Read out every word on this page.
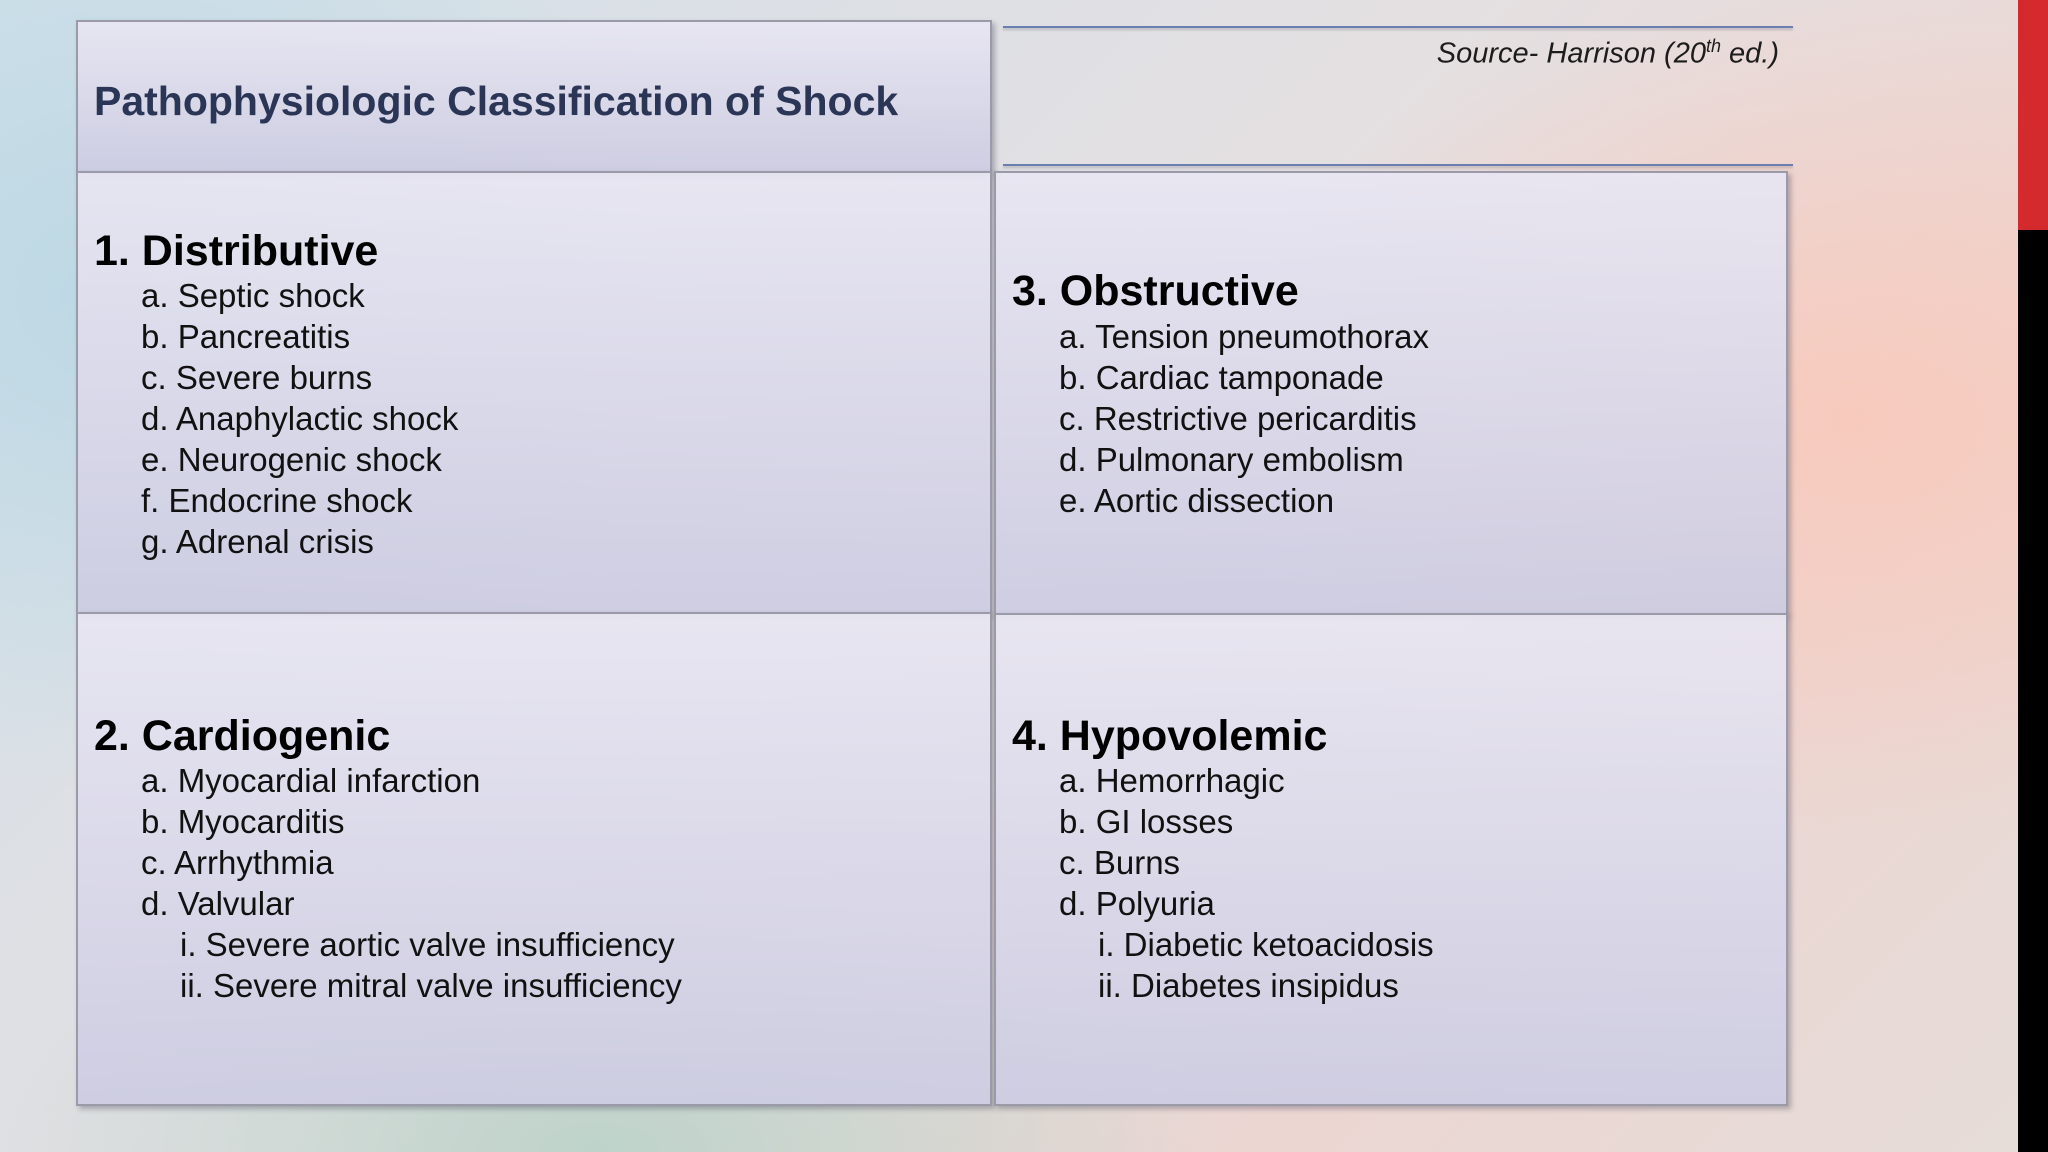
Source- Harrison (20th ed.)

Pathophysiologic Classification of Shock
1. Distributive
a. Septic shock
b. Pancreatitis
c. Severe burns
d. Anaphylactic shock
e. Neurogenic shock
f. Endocrine shock
g. Adrenal crisis
2. Cardiogenic
a. Myocardial infarction
b. Myocarditis
c. Arrhythmia
d. Valvular
i. Severe aortic valve insufficiency
ii. Severe mitral valve insufficiency
3. Obstructive
a. Tension pneumothorax
b. Cardiac tamponade
c. Restrictive pericarditis
d. Pulmonary embolism
e. Aortic dissection
4. Hypovolemic
a. Hemorrhagic
b. GI losses
c. Burns
d. Polyuria
i. Diabetic ketoacidosis
ii. Diabetes insipidus
